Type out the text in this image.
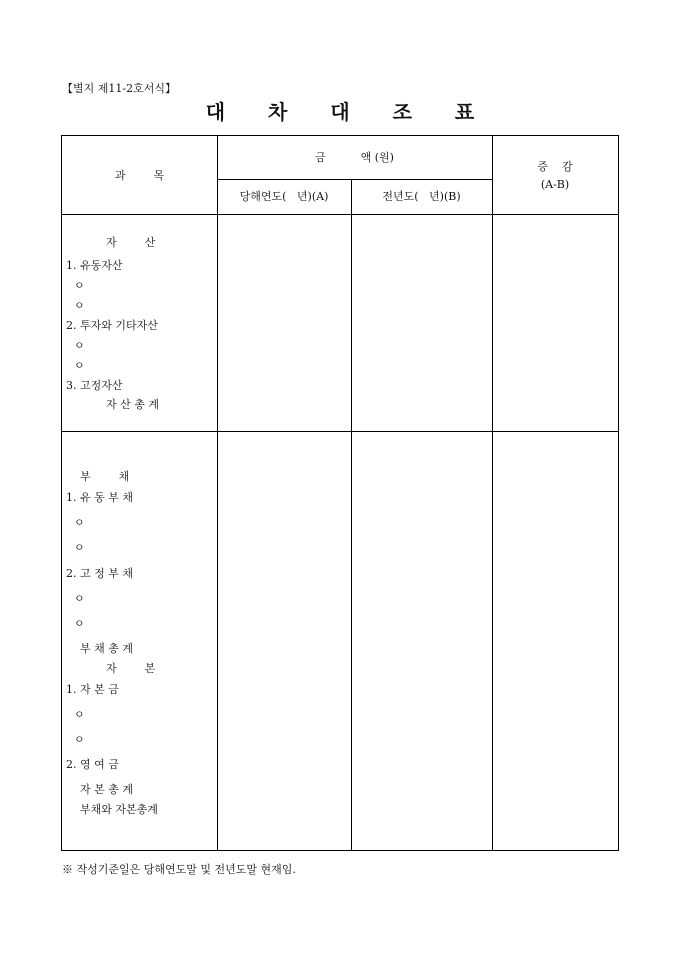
【별지 제11-2호서식】
대 차 대 조 표
과        목
금          액 (원)
당해연도(   년)(A)	전년도(   년)(B)
증    감
(A-B)
자        산
1. 유동자산
ㅇ
ㅇ
2. 투자와 기타자산
ㅇ
ㅇ
3. 고정자산
자 산 총 계
부        채
1. 유 동 부 채
ㅇ
ㅇ
2. 고 정 부 채
ㅇ
ㅇ
부 채 총 계
자        본
1. 자 본 금
ㅇ
ㅇ
2. 영 여 금
자 본 총 계
부채와 자본총계
※ 작성기준일은 당해연도말 및 전년도말 현재임.
